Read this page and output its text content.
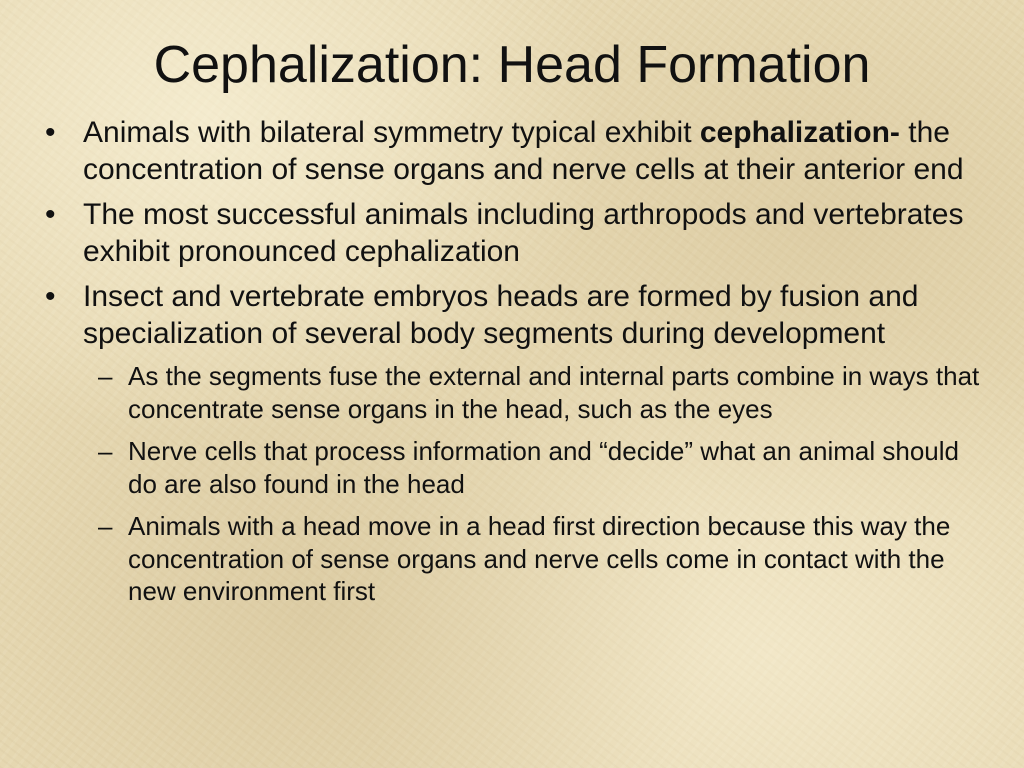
Cephalization: Head Formation
• Animals with bilateral symmetry typical exhibit cephalization- the concentration of sense organs and nerve cells at their anterior end
• The most successful animals including arthropods and vertebrates exhibit pronounced cephalization
• Insect and vertebrate embryos heads are formed by fusion and specialization of several body segments during development
– As the segments fuse the external and internal parts combine in ways that concentrate sense organs in the head, such as the eyes
– Nerve cells that process information and “decide” what an animal should do are also found in the head
– Animals with a head move in a head first direction because this way the concentration of sense organs and nerve cells come in contact with the new environment first
